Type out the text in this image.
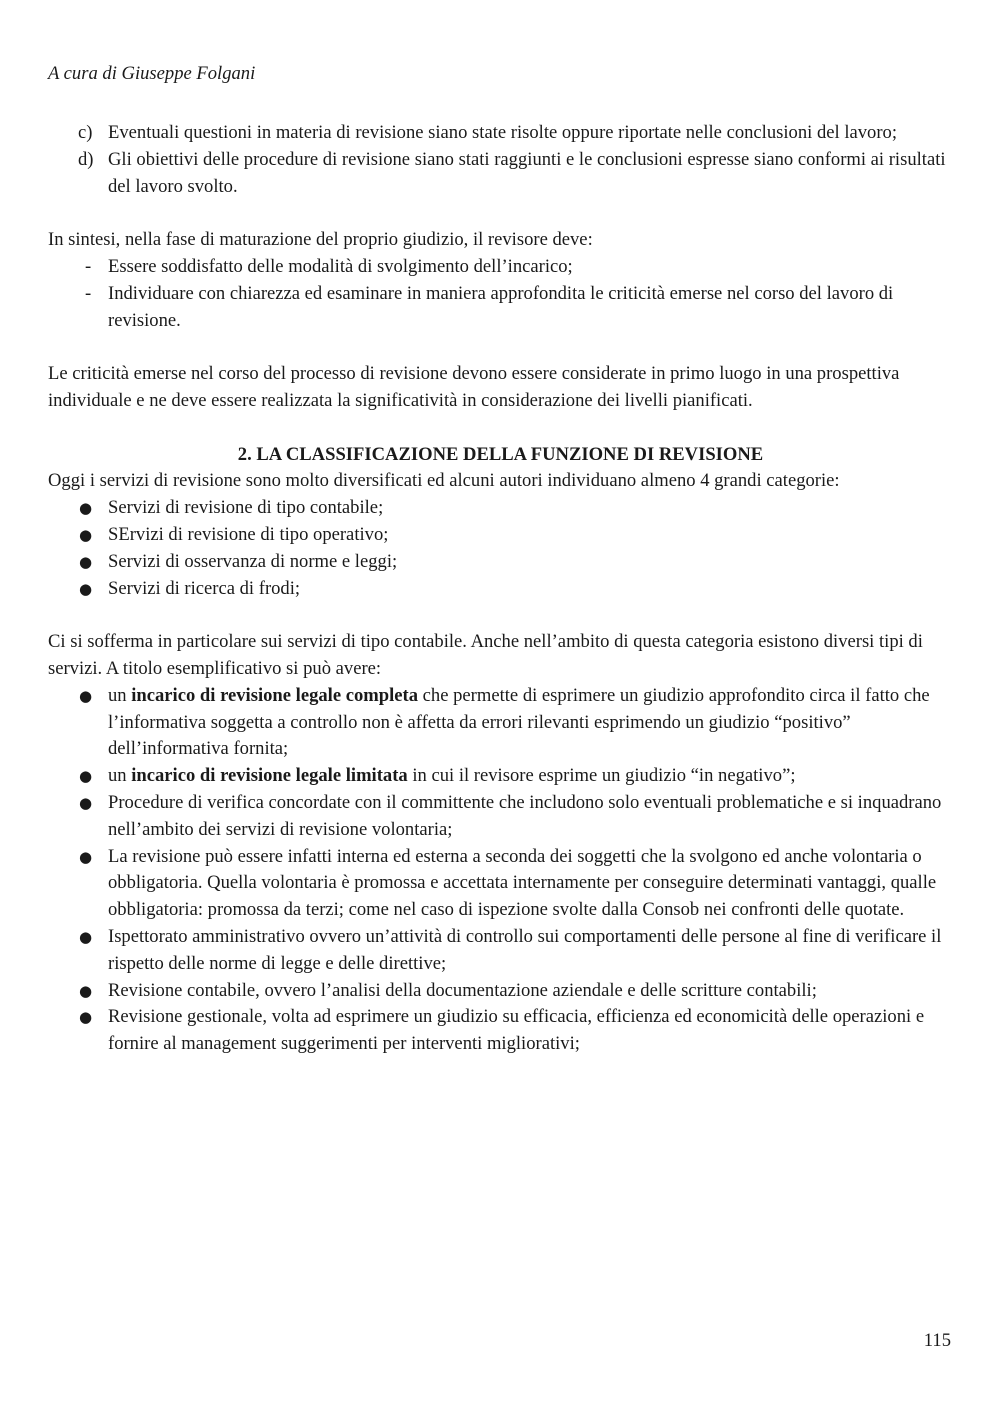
A cura di Giuseppe Folgani
c) Eventuali questioni in materia di revisione siano state risolte oppure riportate nelle conclusioni del lavoro;
d) Gli obiettivi delle procedure di revisione siano stati raggiunti e le conclusioni espresse siano conformi ai risultati del lavoro svolto.

In sintesi, nella fase di maturazione del proprio giudizio, il revisore deve:

- Essere soddisfatto delle modalità di svolgimento dell’incarico;
- Individuare con chiarezza ed esaminare in maniera approfondita le criticità emerse nel corso del lavoro di revisione.

Le criticità emerse nel corso del processo di revisione devono essere considerate in primo luogo in una prospettiva individuale e ne deve essere realizzata la significatività in considerazione dei livelli pianificati.

2. LA CLASSIFICAZIONE DELLA FUNZIONE DI REVISIONE

Oggi i servizi di revisione sono molto diversificati ed alcuni autori individuano almeno 4 grandi categorie:

● Servizi di revisione di tipo contabile;
● SErvizi di revisione di tipo operativo;
● Servizi di osservanza di norme e leggi;
● Servizi di ricerca di frodi;

Ci si sofferma in particolare sui servizi di tipo contabile. Anche nell’ambito di questa categoria esistono diversi tipi di servizi. A titolo esemplificativo si può avere:

● un incarico di revisione legale completa che permette di esprimere un giudizio approfondito circa il fatto che l’informativa soggetta a controllo non è affetta da errori rilevanti esprimendo un giudizio “positivo” dell’informativa fornita;
● un incarico di revisione legale limitata in cui il revisore esprime un giudizio “in negativo”;
● Procedure di verifica concordate con il committente che includono solo eventuali problematiche e si inquadrano nell’ambito dei servizi di revisione volontaria;
● La revisione può essere infatti interna ed esterna a seconda dei soggetti che la svolgono ed anche volontaria o obbligatoria. Quella volontaria è promossa e accettata internamente per conseguire determinati vantaggi, qualle obbligatoria: promossa da terzi; come nel caso di ispezione svolte dalla Consob nei confronti delle quotate.
● Ispettorato amministrativo ovvero un’attività di controllo sui comportamenti delle persone al fine di verificare il rispetto delle norme di legge e delle direttive;
● Revisione contabile, ovvero l’analisi della documentazione aziendale e delle scritture contabili;
● Revisione gestionale, volta ad esprimere un giudizio su efficacia, efficienza ed economicità delle operazioni e fornire al management suggerimenti per interventi migliorativi;
115
